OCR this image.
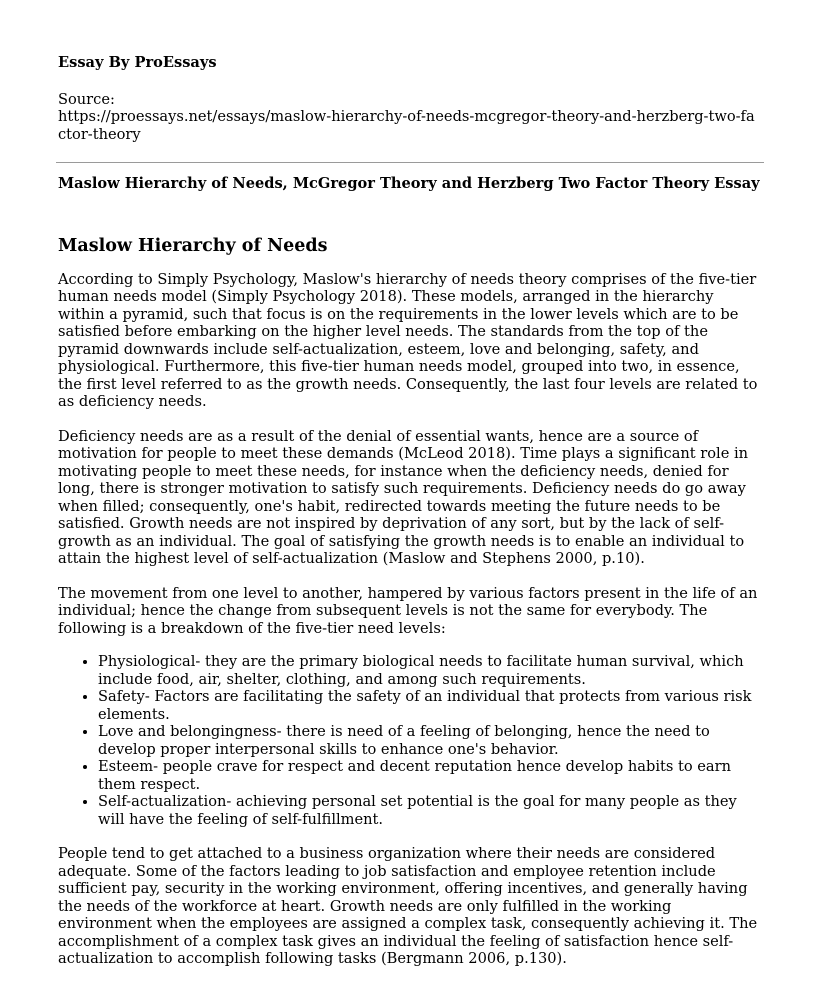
Essay By ProEssays

Source:

https://proessays.net/essays/maslow-hierarchy-of-needs-mcgregor-theory-and-herzberg-two-factor-theory

Maslow Hierarchy of Needs, McGregor Theory and Herzberg Two Factor Theory Essay

Maslow Hierarchy of Needs

According to Simply Psychology, Maslow's hierarchy of needs theory comprises of the five-tier human needs model (Simply Psychology 2018). These models, arranged in the hierarchy within a pyramid, such that focus is on the requirements in the lower levels which are to be satisfied before embarking on the higher level needs. The standards from the top of the pyramid downwards include self-actualization, esteem, love and belonging, safety, and physiological. Furthermore, this five-tier human needs model, grouped into two, in essence, the first level referred to as the growth needs. Consequently, the last four levels are related to as deficiency needs.

Deficiency needs are as a result of the denial of essential wants, hence are a source of motivation for people to meet these demands (McLeod 2018). Time plays a significant role in motivating people to meet these needs, for instance when the deficiency needs, denied for long, there is stronger motivation to satisfy such requirements. Deficiency needs do go away when filled; consequently, one's habit, redirected towards meeting the future needs to be satisfied. Growth needs are not inspired by deprivation of any sort, but by the lack of self-growth as an individual. The goal of satisfying the growth needs is to enable an individual to attain the highest level of self-actualization (Maslow and Stephens 2000, p.10).

The movement from one level to another, hampered by various factors present in the life of an individual; hence the change from subsequent levels is not the same for everybody. The following is a breakdown of the five-tier need levels:

• Physiological- they are the primary biological needs to facilitate human survival, which include food, air, shelter, clothing, and among such requirements.
• Safety- Factors are facilitating the safety of an individual that protects from various risk elements.
• Love and belongingness- there is need of a feeling of belonging, hence the need to develop proper interpersonal skills to enhance one's behavior.
• Esteem- people crave for respect and decent reputation hence develop habits to earn them respect.
• Self-actualization- achieving personal set potential is the goal for many people as they will have the feeling of self-fulfillment.

People tend to get attached to a business organization where their needs are considered adequate. Some of the factors leading to job satisfaction and employee retention include sufficient pay, security in the working environment, offering incentives, and generally having the needs of the workforce at heart. Growth needs are only fulfilled in the working environment when the employees are assigned a complex task, consequently achieving it. The accomplishment of a complex task gives an individual the feeling of satisfaction hence self-actualization to accomplish following tasks (Bergmann 2006, p.130).
